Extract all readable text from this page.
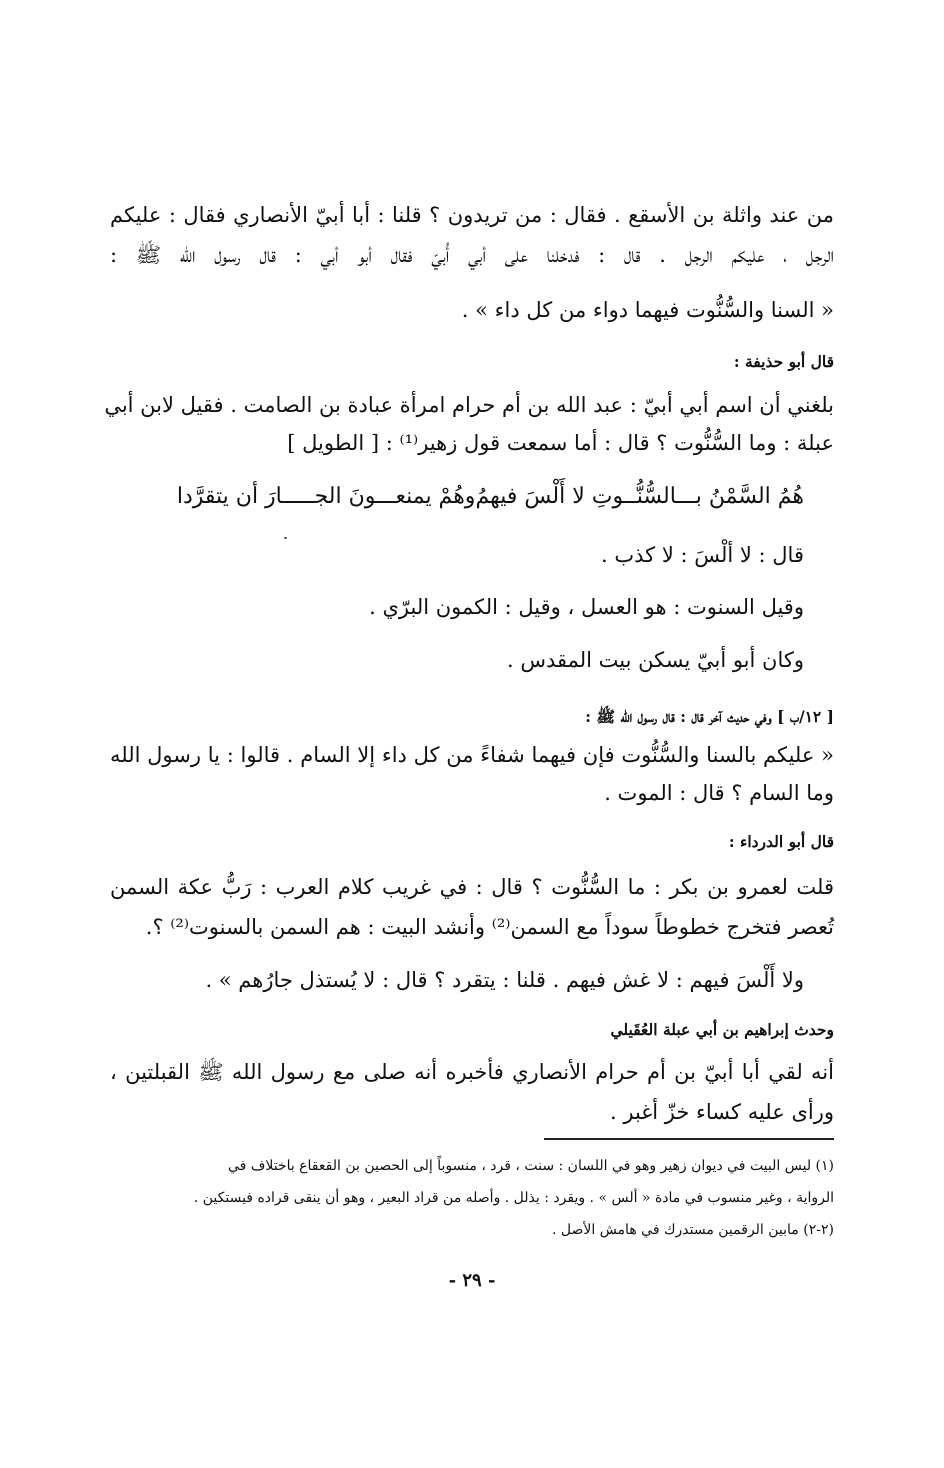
من عند واثلة بن الأسقع . فقال : من تريدون ؟ قلنا : أبا أبيّ الأنصاري فقال : عليكم
الرجل ، عليكم الرجل . قال : فدخلنا على أبي أُبيّ فقال أبو أبي : قال رسول الله ﷺ :
« السنا والسُّنُّوت فيهما دواء من كل داء » .
قال أبو حذيفة :
بلغني أن اسم أبي أبيّ : عبد الله بن أم حرام امرأة عبادة بن الصامت . فقيل لابن أبي
عبلة : وما السُّنُّوت ؟ قال : أما سمعت قول زهير⁽¹⁾ : [ الطويل ]
هُمُ السَّمْنُ بـــالسُّنُّــوتِ لا أَلْسَ فيهمُ
وهُمْ يمنعـــونَ الجـــــارَ أن يتقرَّدا
قال : لا ألْسَ : لا كذب .
وقيل السنوت : هو العسل ، وقيل : الكمون البرّي .
وكان أبو أبيّ يسكن بيت المقدس .
[ ١٢/ب ] وفي حديث آخر قال : قال رسول الله ﷺ :
« عليكم بالسنا والسُّنُّوت فإن فيهما شفاءً من كل داء إلا السام . قالوا : يا رسول الله
وما السام ؟ قال : الموت .
قال أبو الدرداء :
قلت لعمرو بن بكر : ما السُّنُّوت ؟ قال : في غريب كلام العرب : رَبُّ عكة السمن
تُعصر فتخرج خطوطاً سوداً مع السمن⁽²⁾ وأنشد البيت : هم السمن بالسنوت⁽²⁾ ؟.
ولا أَلْسَ فيهم : لا غش فيهم . قلنا : يتقرد ؟ قال : لا يُستذل جارُهم » .
وحدث إبراهيم بن أبي عبلة العُقَيلي
أنه لقي أبا أبيّ بن أم حرام الأنصاري فأخبره أنه صلى مع رسول الله ﷺ القبلتين ،
ورأى عليه كساء خزّ أغبر .
(١) ليس البيت في ديوان زهير وهو في اللسان : سنت ، قرد ، منسوباً إلى الحصين بن القعقاع باختلاف في
الرواية ، وغير منسوب في مادة « ألس » . ويقرد : يذلل . وأصله من قراد البعير ، وهو أن ينقى قراده فيستكين .
(٢-٢) مابين الرقمين مستدرك في هامش الأصل .
- ٢٩ -
